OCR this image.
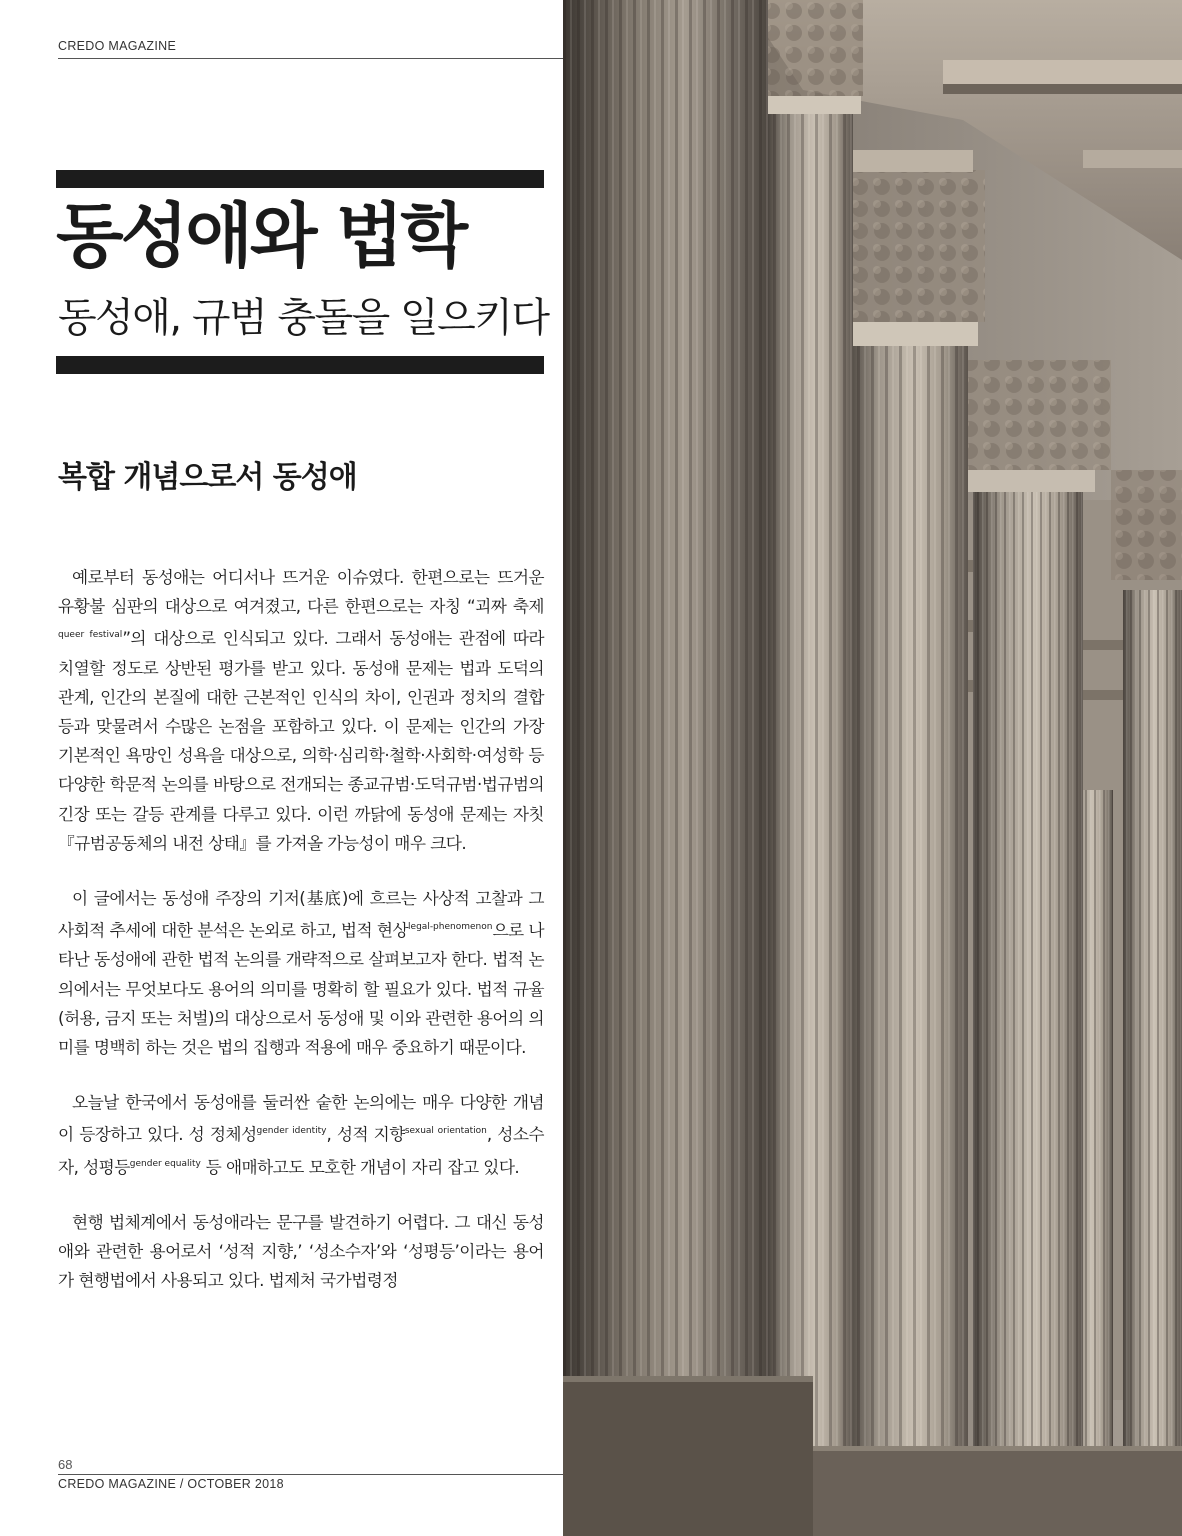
CREDO MAGAZINE
동성애와 법학
동성애, 규범 충돌을 일으키다
복합 개념으로서 동성애

예로부터 동성애는 어디서나 뜨거운 이슈였다. 한편으로는 뜨거운 유황불 심판의 대상으로 여겨졌고, 다른 한편으로는 자칭 “괴짜 축제$^{queer festival}$”의 대상으로 인식되고 있다. 그래서 동성애는 관점에 따라 치열할 정도로 상반된 평가를 받고 있다. 동성애 문제는 법과 도덕의 관계, 인간의 본질에 대한 근본적인 인식의 차이, 인권과 정치의 결합 등과 맞물려서 수많은 논점을 포함하고 있다. 이 문제는 인간의 가장 기본적인 욕망인 성욕을 대상으로, 의학·심리학·철학·사회학·여성학 등 다양한 학문적 논의를 바탕으로 전개되는 종교규범·도덕규범·법규범의 긴장 또는 갈등 관계를 다루고 있다. 이런 까닭에 동성애 문제는 자칫 『규범공동체의 내전 상태』를 가져올 가능성이 매우 크다.

이 글에서는 동성애 주장의 기저(基底)에 흐르는 사상적 고찰과 그 사회적 추세에 대한 분석은 논외로 하고, 법적 현상$^{legal-phenomenon}$으로 나타난 동성애에 관한 법적 논의를 개략적으로 살펴보고자 한다. 법적 논의에서는 무엇보다도 용어의 의미를 명확히 할 필요가 있다. 법적 규율(허용, 금지 또는 처벌)의 대상으로서 동성애 및 이와 관련한 용어의 의미를 명백히 하는 것은 법의 집행과 적용에 매우 중요하기 때문이다.

오늘날 한국에서 동성애를 둘러싼 숱한 논의에는 매우 다양한 개념이 등장하고 있다. 성 정체성$^{gender identity}$, 성적 지향$^{sexual orientation}$, 성소수자, 성평등$^{gender equality}$ 등 애매하고도 모호한 개념이 자리 잡고 있다.

현행 법체계에서 동성애라는 문구를 발견하기 어렵다. 그 대신 동성애와 관련한 용어로서 ‘성적 지향,’ ‘성소수자’와 ‘성평등’이라는 용어가 현행법에서 사용되고 있다. 법제처 국가법령정

68
CREDO MAGAZINE / OCTOBER 2018
